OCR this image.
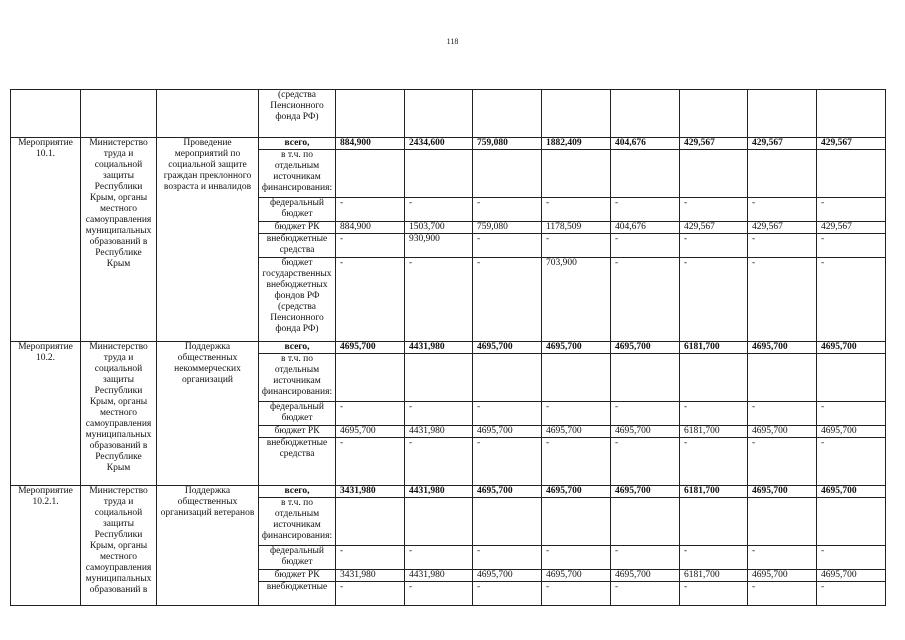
118
			(средства Пенсионного фонда РФ)								
Мероприятие 10.1.	Министерство труда и социальной защиты Республики Крым, органы местного самоуправления муниципальных образований в Республике Крым	Проведение мероприятий по социальной защите граждан преклонного возраста и инвалидов	всего,	884,900	2434,600	759,080	1882,409	404,676	429,567	429,567	429,567
			в т.ч. по отдельным источникам финансирования:								
			федеральный бюджет	-	-	-	-	-	-	-	-
			бюджет РК	884,900	1503,700	759,080	1178,509	404,676	429,567	429,567	429,567
			внебюджетные средства	-	930,900	-	-	-	-	-	-
			бюджет государственных внебюджетных фондов РФ (средства Пенсионного фонда РФ)	-	-	-	703,900	-	-	-	-
Мероприятие 10.2.	Министерство труда и социальной защиты Республики Крым, органы местного самоуправления муниципальных образований в Республике Крым	Поддержка общественных некоммерческих организаций	всего,	4695,700	4431,980	4695,700	4695,700	4695,700	6181,700	4695,700	4695,700
			в т.ч. по отдельным источникам финансирования:								
			федеральный бюджет	-	-	-	-	-	-	-	-
			бюджет РК	4695,700	4431,980	4695,700	4695,700	4695,700	6181,700	4695,700	4695,700
			внебюджетные средства	-	-	-	-	-	-	-	-
Мероприятие 10.2.1.	Министерство труда и социальной защиты Республики Крым, органы местного самоуправления муниципальных образований в	Поддержка общественных организаций ветеранов	всего,	3431,980	4431,980	4695,700	4695,700	4695,700	6181,700	4695,700	4695,700
			в т.ч. по отдельным источникам финансирования:								
			федеральный бюджет	-	-	-	-	-	-	-	-
			бюджет РК	3431,980	4431,980	4695,700	4695,700	4695,700	6181,700	4695,700	4695,700
			внебюджетные	-	-	-	-	-	-	-	-
